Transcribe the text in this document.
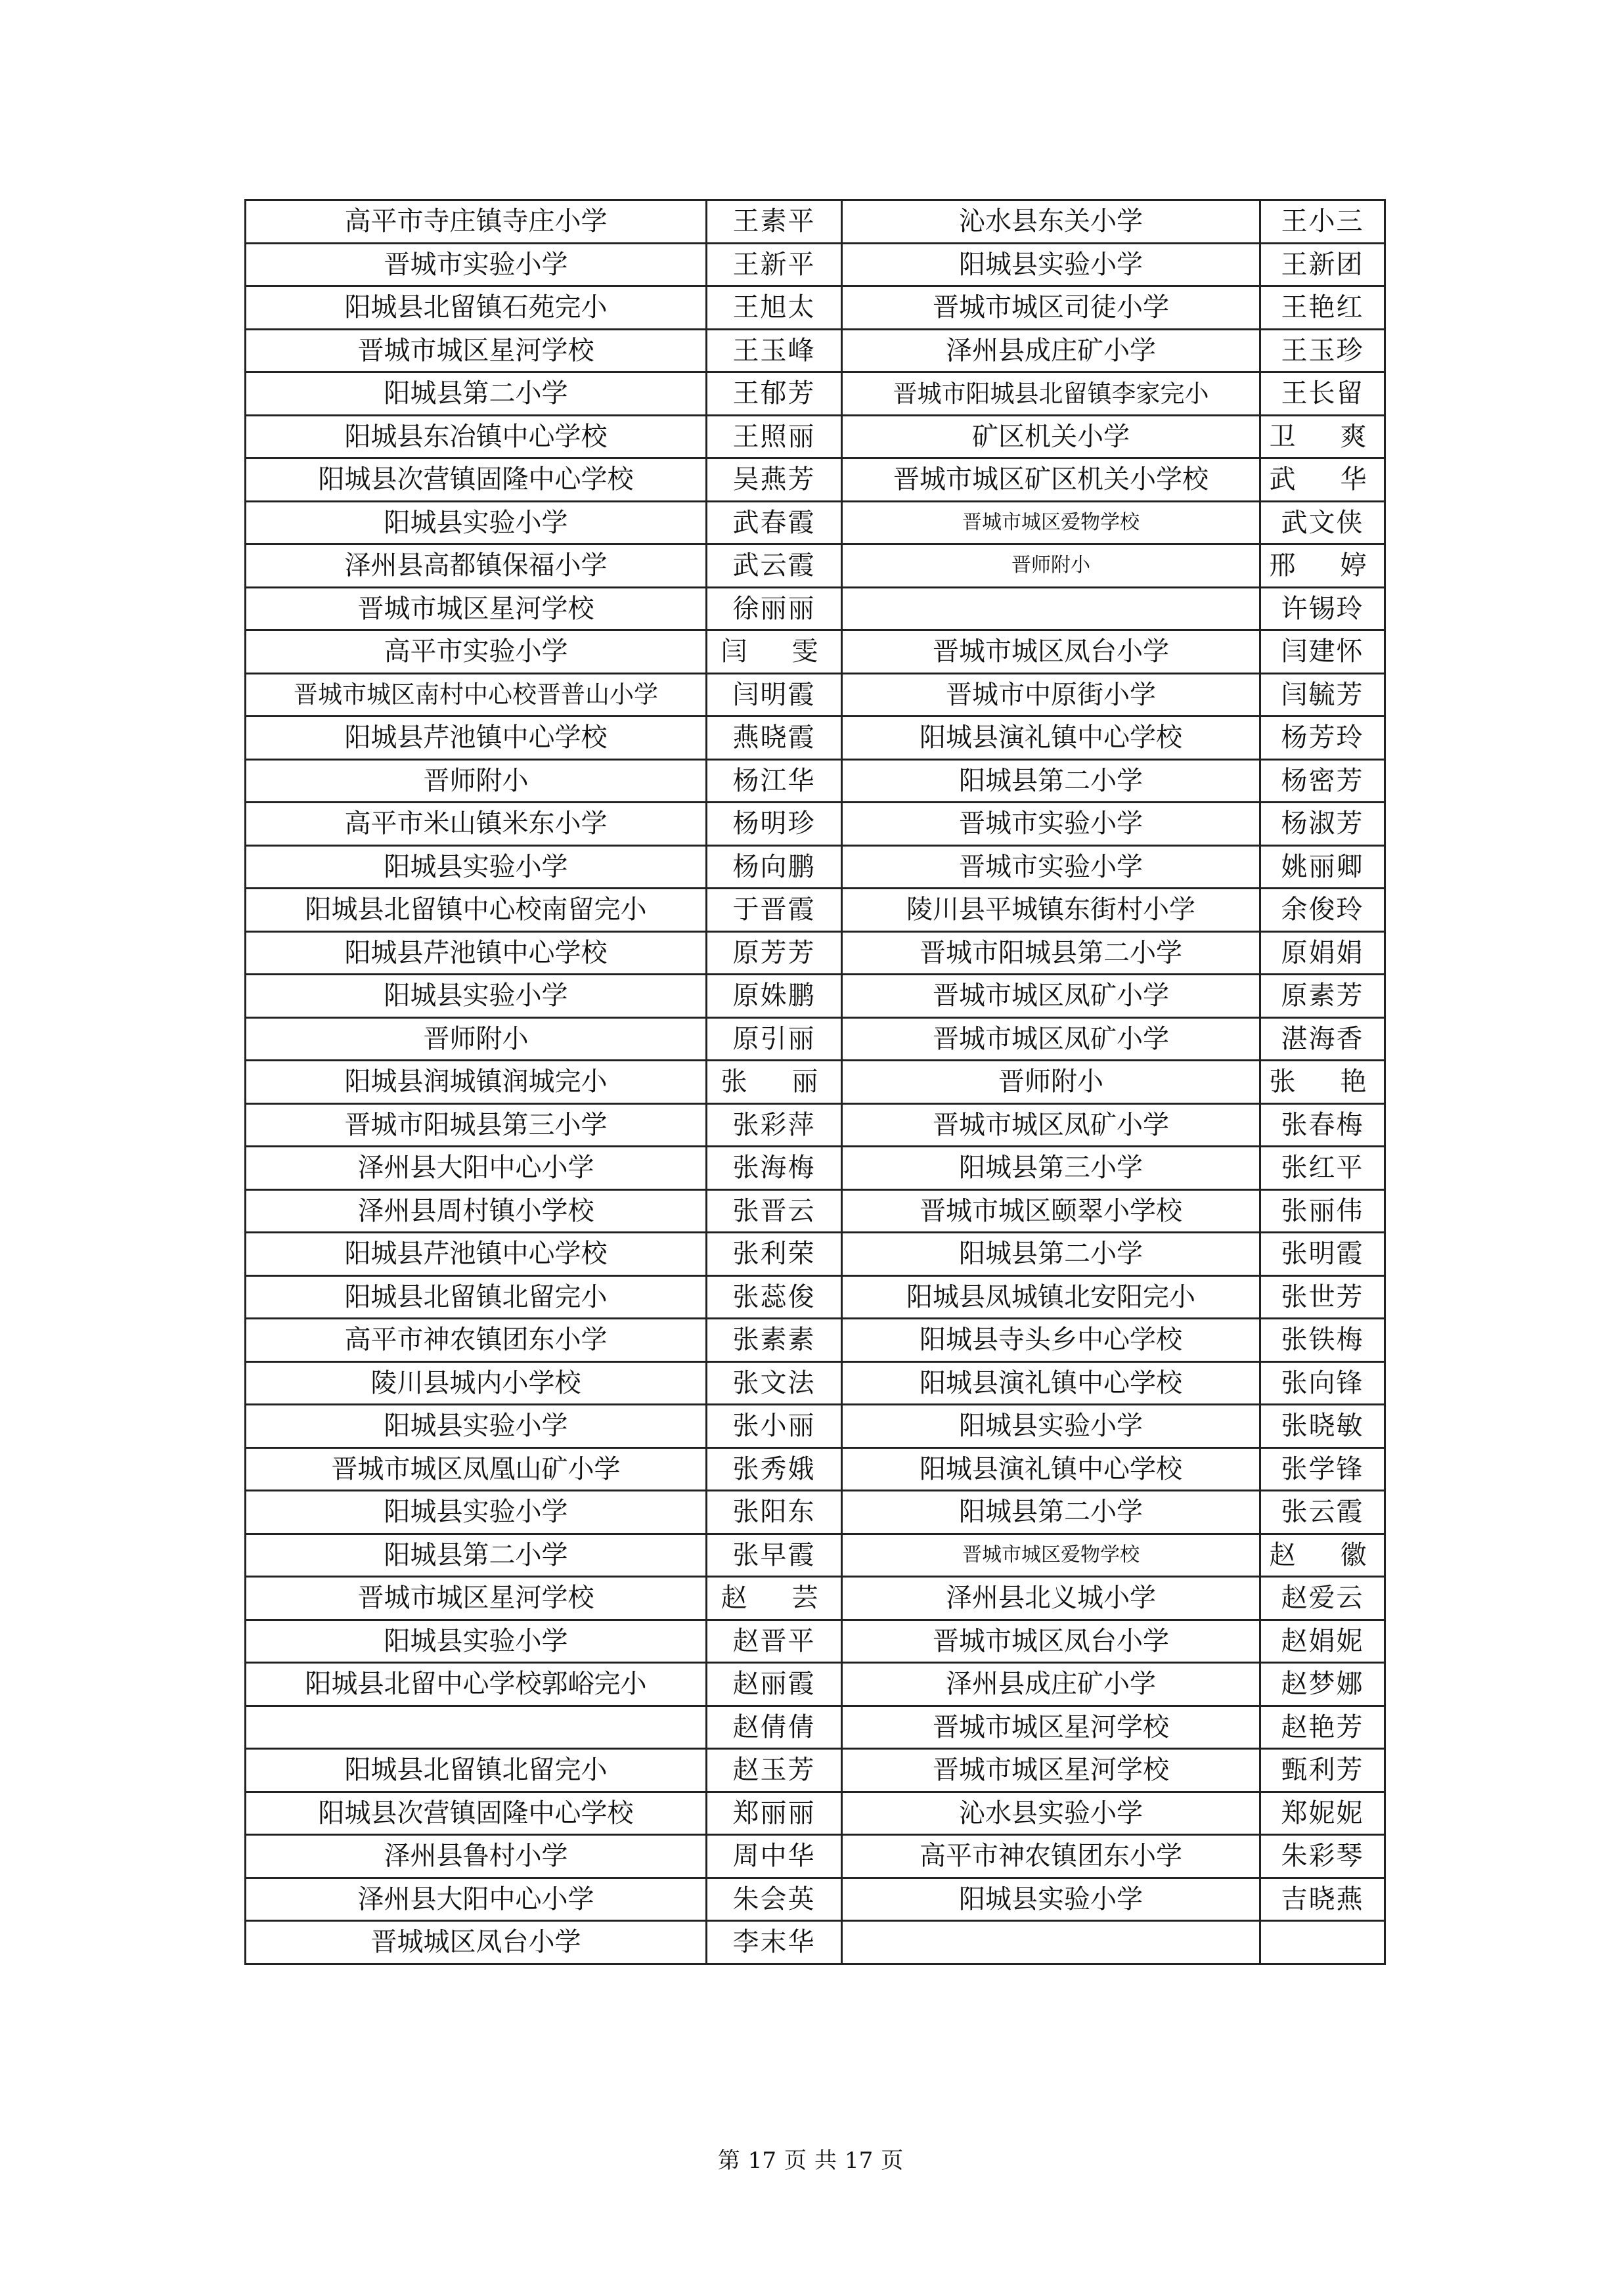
高平市寺庄镇寺庄小学	王素平	沁水县东关小学	王小三
晋城市实验小学	王新平	阳城县实验小学	王新团
阳城县北留镇石苑完小	王旭太	晋城市城区司徒小学	王艳红
晋城市城区星河学校	王玉峰	泽州县成庄矿小学	王玉珍
阳城县第二小学	王郁芳	晋城市阳城县北留镇李家完小	王长留
阳城县东冶镇中心学校	王照丽	矿区机关小学	卫　爽
阳城县次营镇固隆中心学校	吴燕芳	晋城市城区矿区机关小学校	武　华
阳城县实验小学	武春霞	晋城市城区爱物学校	武文侠
泽州县高都镇保福小学	武云霞	晋师附小	邢　婷
晋城市城区星河学校	徐丽丽		许锡玲
高平市实验小学	闫　雯	晋城市城区凤台小学	闫建怀
晋城市城区南村中心校晋普山小学	闫明霞	晋城市中原街小学	闫毓芳
阳城县芹池镇中心学校	燕晓霞	阳城县演礼镇中心学校	杨芳玲
晋师附小	杨江华	阳城县第二小学	杨密芳
高平市米山镇米东小学	杨明珍	晋城市实验小学	杨淑芳
阳城县实验小学	杨向鹏	晋城市实验小学	姚丽卿
阳城县北留镇中心校南留完小	于晋霞	陵川县平城镇东街村小学	余俊玲
阳城县芹池镇中心学校	原芳芳	晋城市阳城县第二小学	原娟娟
阳城县实验小学	原姝鹏	晋城市城区凤矿小学	原素芳
晋师附小	原引丽	晋城市城区凤矿小学	湛海香
阳城县润城镇润城完小	张　丽	晋师附小	张　艳
晋城市阳城县第三小学	张彩萍	晋城市城区凤矿小学	张春梅
泽州县大阳中心小学	张海梅	阳城县第三小学	张红平
泽州县周村镇小学校	张晋云	晋城市城区颐翠小学校	张丽伟
阳城县芹池镇中心学校	张利荣	阳城县第二小学	张明霞
阳城县北留镇北留完小	张蕊俊	阳城县凤城镇北安阳完小	张世芳
高平市神农镇团东小学	张素素	阳城县寺头乡中心学校	张铁梅
陵川县城内小学校	张文法	阳城县演礼镇中心学校	张向锋
阳城县实验小学	张小丽	阳城县实验小学	张晓敏
晋城市城区凤凰山矿小学	张秀娥	阳城县演礼镇中心学校	张学锋
阳城县实验小学	张阳东	阳城县第二小学	张云霞
阳城县第二小学	张早霞	晋城市城区爱物学校	赵　徽
晋城市城区星河学校	赵　芸	泽州县北义城小学	赵爱云
阳城县实验小学	赵晋平	晋城市城区凤台小学	赵娟妮
阳城县北留中心学校郭峪完小	赵丽霞	泽州县成庄矿小学	赵梦娜
	赵倩倩	晋城市城区星河学校	赵艳芳
阳城县北留镇北留完小	赵玉芳	晋城市城区星河学校	甄利芳
阳城县次营镇固隆中心学校	郑丽丽	沁水县实验小学	郑妮妮
泽州县鲁村小学	周中华	高平市神农镇团东小学	朱彩琴
泽州县大阳中心小学	朱会英	阳城县实验小学	吉晓燕
晋城城区凤台小学	李末华		
第 17 页 共 17 页
